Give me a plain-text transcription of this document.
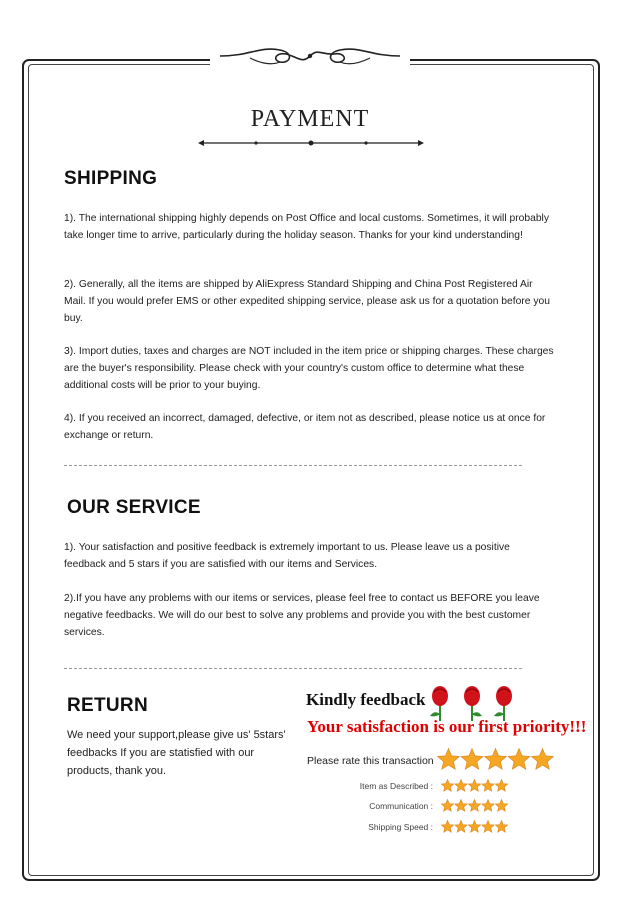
PAYMENT
SHIPPING
1). The international shipping highly depends on Post Office and local customs. Sometimes, it will probably take longer time to arrive, particularly during the holiday season. Thanks for your kind understanding!
2). Generally, all the items are shipped by AliExpress Standard Shipping and China Post Registered Air Mail. If you would prefer EMS or other expedited shipping service, please ask us for a quotation before you buy.
3). Import duties, taxes and charges are NOT included in the item price or shipping charges. These charges are the buyer's responsibility. Please check with your country's custom office to determine what these additional costs will be prior to your buying.
4). If you received an incorrect, damaged, defective, or item not as described, please notice us at once for exchange or return.
OUR SERVICE
1). Your satisfaction and positive feedback is extremely important to us. Please leave us a positive feedback and 5 stars if you are satisfied with our items and Services.
2).If you have any problems with our items or services, please feel free to contact us BEFORE you leave negative feedbacks. We will do our best to solve any problems and provide you with the best customer services.
RETURN
We need your support,please give us' 5stars' feedbacks If you are statisfied with our products, thank you.
Kindly feedback
Your satisfaction is our first priority!!!
Please rate this transaction
Item as Described :
Communication :
Shipping Speed :
